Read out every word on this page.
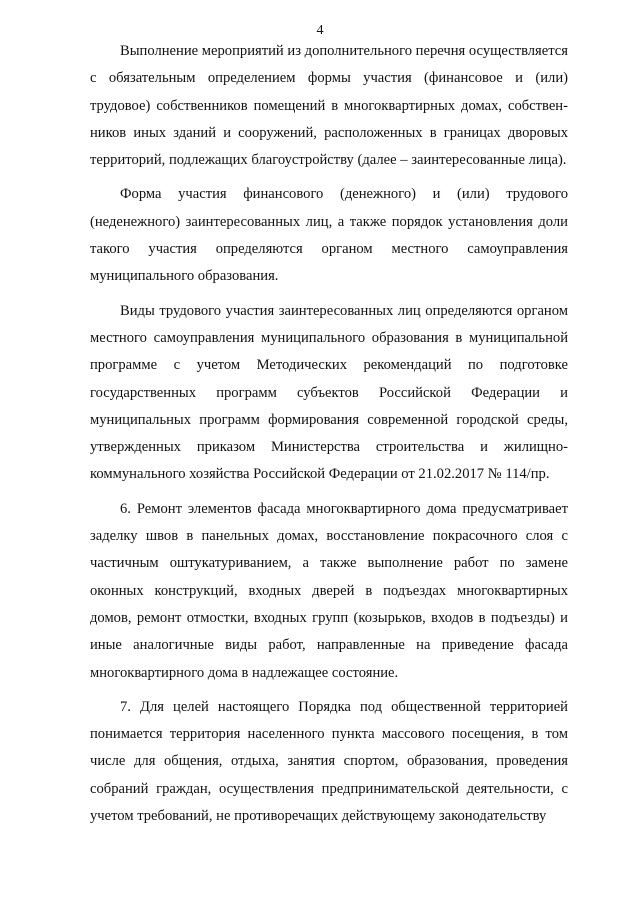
4

Выполнение мероприятий из дополнительного перечня осуществляется с обязательным определением формы участия (финансовое и (или) трудовое) собственников помещений в многоквартирных домах, собственников иных зданий и сооружений, расположенных в границах дворовых территорий, подлежащих благоустройству (далее – заинтересованные лица).

Форма участия финансового (денежного) и (или) трудового (неденежного) заинтересованных лиц, а также порядок установления доли такого участия определяются органом местного самоуправления муниципального образования.

Виды трудового участия заинтересованных лиц определяются органом местного самоуправления муниципального образования в муниципальной программе с учетом Методических рекомендаций по подготовке государственных программ субъектов Российской Федерации и муниципальных программ формирования современной городской среды, утвержденных приказом Министерства строительства и жилищно-коммунального хозяйства Российской Федерации от 21.02.2017 № 114/пр.

6. Ремонт элементов фасада многоквартирного дома предусматривает заделку швов в панельных домах, восстановление покрасочного слоя с частичным оштукатуриванием, а также выполнение работ по замене оконных конструкций, входных дверей в подъездах многоквартирных домов, ремонт отмостки, входных групп (козырьков, входов в подъезды) и иные аналогичные виды работ, направленные на приведение фасада многоквартирного дома в надлежащее состояние.

7. Для целей настоящего Порядка под общественной территорией понимается территория населенного пункта массового посещения, в том числе для общения, отдыха, занятия спортом, образования, проведения собраний граждан, осуществления предпринимательской деятельности, с учетом требований, не противоречащих действующему законодательству
